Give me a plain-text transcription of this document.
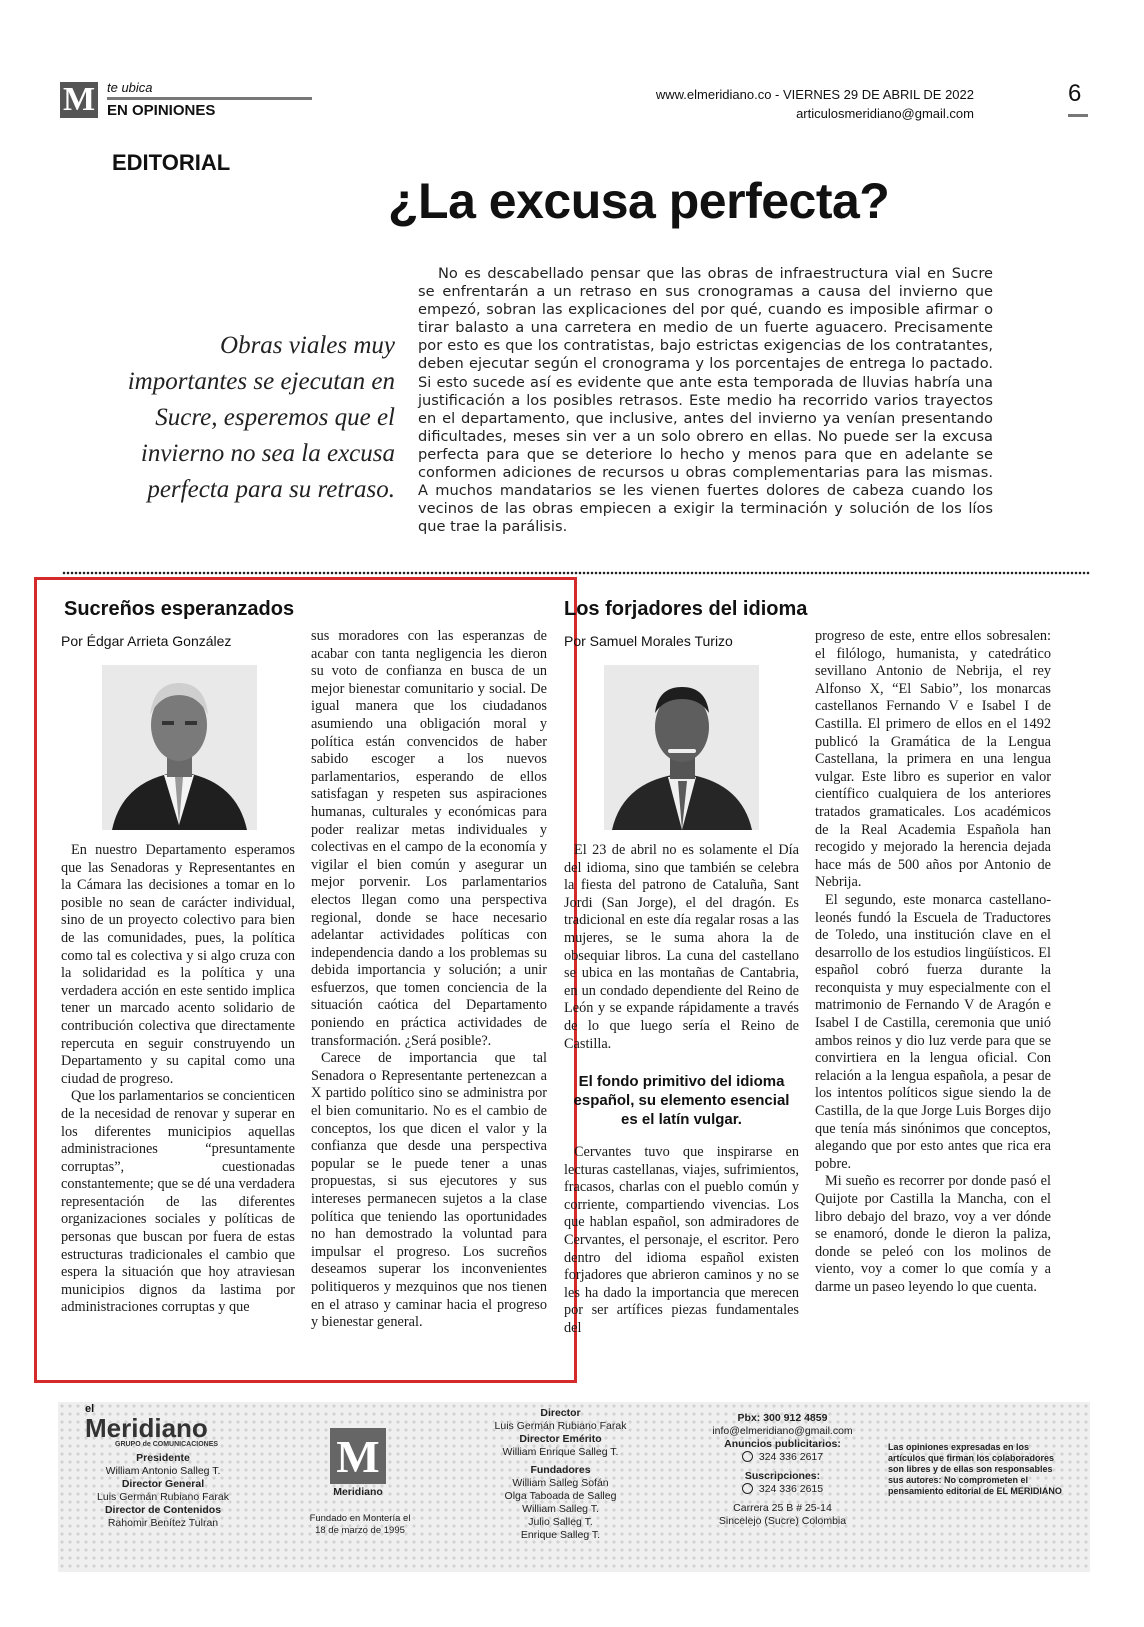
M te ubica
EN OPINIONES
www.elmeridiano.co - VIERNES 29 DE ABRIL DE 2022
articulosmeridiano@gmail.com
6
EDITORIAL
¿La excusa perfecta?
Obras viales muy importantes se ejecutan en Sucre, esperemos que el invierno no sea la excusa perfecta para su retraso.
No es descabellado pensar que las obras de infraestructura vial en Sucre se enfrentarán a un retraso en sus cronogramas a causa del invierno que empezó, sobran las explicaciones del por qué, cuando es imposible afirmar o tirar balasto a una carretera en medio de un fuerte aguacero. Precisamente por esto es que los contratistas, bajo estrictas exigencias de los contratantes, deben ejecutar según el cronograma y los porcentajes de entrega lo pactado. Si esto sucede así es evidente que ante esta temporada de lluvias habría una justificación a los posibles retrasos. Este medio ha recorrido varios trayectos en el departamento, que inclusive, antes del invierno ya venían presentando dificultades, meses sin ver a un solo obrero en ellas. No puede ser la excusa perfecta para que se deteriore lo hecho y menos para que en adelante se conformen adiciones de recursos u obras complementarias para las mismas. A muchos mandatarios se les vienen fuertes dolores de cabeza cuando los vecinos de las obras empiecen a exigir la terminación y solución de los líos que trae la parálisis.
Sucreños esperanzados
Por Édgar Arrieta González

En nuestro Departamento esperamos que las Senadoras y Representantes en la Cámara las decisiones a tomar en lo posible no sean de carácter individual, sino de un proyecto colectivo para bien de las comunidades, pues, la política como tal es colectiva y si algo cruza con la solidaridad es la política y una verdadera acción en este sentido implica tener un marcado acento solidario de contribución colectiva que directamente repercuta en seguir construyendo un Departamento y su capital como una ciudad de progreso.

Que los parlamentarios se concienticen de la necesidad de renovar y superar en los diferentes municipios aquellas administraciones “presuntamente corruptas”, cuestionadas constantemente; que se dé una verdadera representación de las diferentes organizaciones sociales y políticas de personas que buscan por fuera de estas estructuras tradicionales el cambio que espera la situación que hoy atraviesan municipios dignos da lastima por administraciones corruptas y que

sus moradores con las esperanzas de acabar con tanta negligencia les dieron su voto de confianza en busca de un mejor bienestar comunitario y social. De igual manera que los ciudadanos asumiendo una obligación moral y política están convencidos de haber sabido escoger a los nuevos parlamentarios, esperando de ellos satisfagan y respeten sus aspiraciones humanas, culturales y económicas para poder realizar metas individuales y colectivas en el campo de la economía y vigilar el bien común y asegurar un mejor porvenir. Los parlamentarios electos llegan como una perspectiva regional, donde se hace necesario adelantar actividades políticas con independencia dando a los problemas su debida importancia y solución; a unir esfuerzos, que tomen conciencia de la situación caótica del Departamento poniendo en práctica actividades de transformación. ¿Será posible?.

Carece de importancia que tal Senadora o Representante pertenezcan a X partido político sino se administra por el bien comunitario. No es el cambio de conceptos, los que dicen el valor y la confianza que desde una perspectiva popular se le puede tener a unas propuestas, si sus ejecutores y sus intereses permanecen sujetos a la clase política que teniendo las oportunidades no han demostrado la voluntad para impulsar el progreso. Los sucreños deseamos superar los inconvenientes politiqueros y mezquinos que nos tienen en el atraso y caminar hacia el progreso y bienestar general.

Los forjadores del idioma
Por Samuel Morales Turizo

El 23 de abril no es solamente el Día del idioma, sino que también se celebra la fiesta del patrono de Cataluña, Sant Jordi (San Jorge), el del dragón. Es tradicional en este día regalar rosas a las mujeres, se le suma ahora la de obsequiar libros. La cuna del castellano se ubica en las montañas de Cantabria, en un condado dependiente del Reino de León y se expande rápidamente a través de lo que luego sería el Reino de Castilla.

El fondo primitivo del idioma español, su elemento esencial es el latín vulgar.

Cervantes tuvo que inspirarse en lecturas castellanas, viajes, sufrimientos, fracasos, charlas con el pueblo común y corriente, compartiendo vivencias. Los que hablan español, son admiradores de Cervantes, el personaje, el escritor. Pero dentro del idioma español existen forjadores que abrieron caminos y no se les ha dado la importancia que merecen por ser artífices piezas fundamentales del

progreso de este, entre ellos sobresalen: el filólogo, humanista, y catedrático sevillano Antonio de Nebrija, el rey Alfonso X, “El Sabio”, los monarcas castellanos Fernando V e Isabel I de Castilla. El primero de ellos en el 1492 publicó la Gramática de la Lengua Castellana, la primera en una lengua vulgar. Este libro es superior en valor científico cualquiera de los anteriores tratados gramaticales. Los académicos de la Real Academia Española han recogido y mejorado la herencia dejada hace más de 500 años por Antonio de Nebrija.

El segundo, este monarca castellano-leonés fundó la Escuela de Traductores de Toledo, una institución clave en el desarrollo de los estudios lingüísticos. El español cobró fuerza durante la reconquista y muy especialmente con el matrimonio de Fernando V de Aragón e Isabel I de Castilla, ceremonia que unió ambos reinos y dio luz verde para que se convirtiera en la lengua oficial. Con relación a la lengua española, a pesar de los intentos políticos sigue siendo la de Castilla, de la que Jorge Luis Borges dijo que tenía más sinónimos que conceptos, alegando que por esto antes que rica era pobre.

Mi sueño es recorrer por donde pasó el Quijote por Castilla la Mancha, con el libro debajo del brazo, voy a ver dónde se enamoró, donde le dieron la paliza, donde se peleó con los molinos de viento, voy a comer lo que comía y a darme un paseo leyendo lo que cuenta.

el
Meridiano
GRUPO de COMUNICACIONES
Presidente
William Antonio Salleg T.
Director General
Luis Germán Rubiano Farak
Director de Contenidos
Rahomir Benítez Tulran
M
Meridiano
Fundado en Montería el 18 de marzo de 1995
Director
Luis Germán Rubiano Farak
Director Emérito
William Enrique Salleg T.
Fundadores
William Salleg Sofán
Olga Taboada de Salleg
William Salleg T.
Julio Salleg T.
Enrique Salleg T.
Pbx: 300 912 4859
info@elmeridiano@gmail.com
Anuncios publicitarios:
324 336 2617
Suscripciones:
324 336 2615
Carrera 25 B # 25-14
Sincelejo (Sucre) Colombia
Las opiniones expresadas en los artículos que firman los colaboradores son libres y de ellas son responsables sus autores: No comprometen el pensamiento editorial de EL MERIDIANO
